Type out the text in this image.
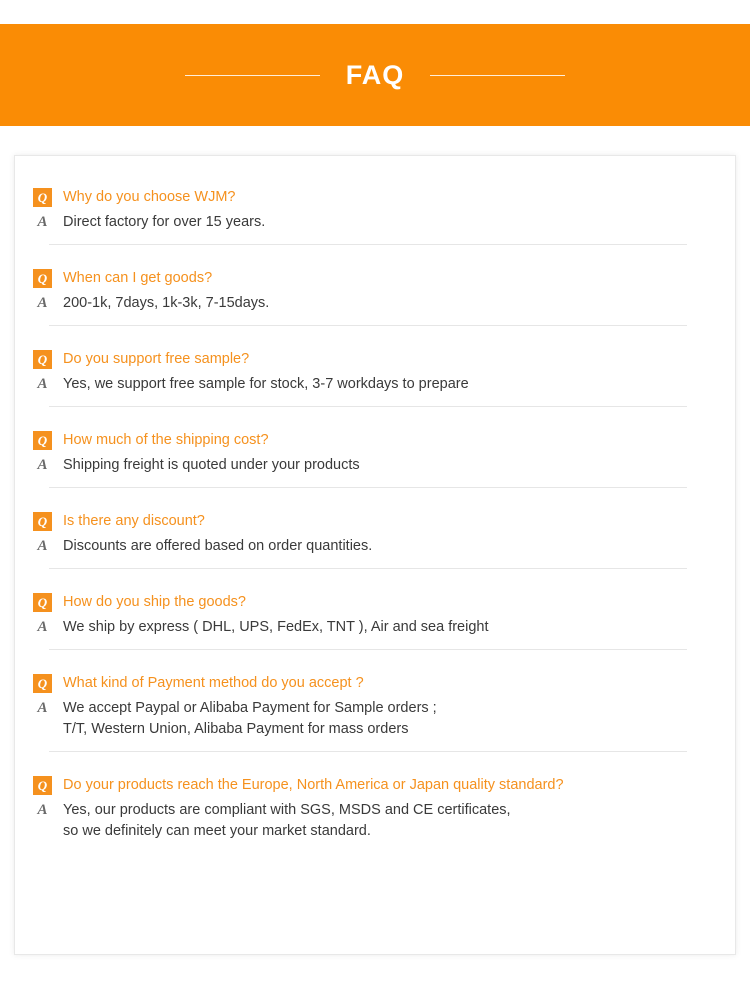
FAQ
Q	Why do you choose WJM?
A	Direct factory for over 15 years.
Q	When can I get goods?
A	200-1k, 7days, 1k-3k, 7-15days.
Q	Do you support free sample?
A	Yes, we support free sample for stock, 3-7 workdays to prepare
Q	How much of the shipping cost?
A	Shipping freight is quoted under your products
Q	Is there any discount?
A	Discounts are offered based on order quantities.
Q	How do you ship the goods?
A	We ship by express ( DHL, UPS, FedEx, TNT ), Air and sea freight
Q	What kind of Payment method do you accept ?
A	We accept Paypal or Alibaba Payment for Sample orders ;
T/T, Western Union, Alibaba Payment for mass orders
Q	Do your products reach the Europe, North America or Japan quality standard?
A	Yes, our products are compliant with SGS, MSDS and CE certificates,
so we definitely can meet your market standard.
